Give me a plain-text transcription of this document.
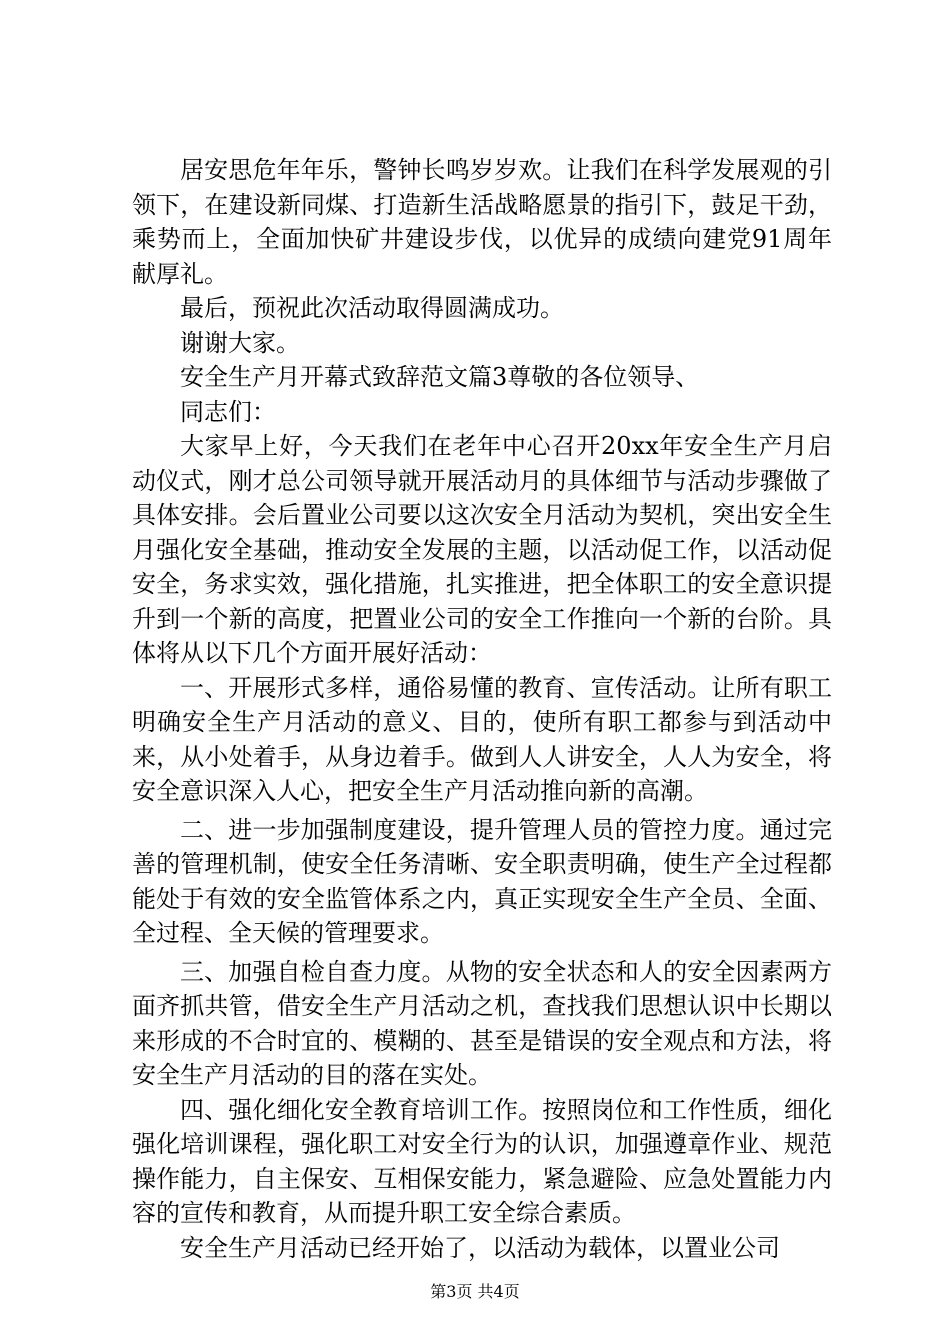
居安思危年年乐，警钟长鸣岁岁欢。让我们在科学发展观的引领下，在建设新同煤、打造新生活战略愿景的指引下，鼓足干劲，乘势而上，全面加快矿井建设步伐，以优异的成绩向建党91周年献厚礼。

最后，预祝此次活动取得圆满成功。

谢谢大家。

安全生产月开幕式致辞范文篇3尊敬的各位领导、

同志们：

大家早上好，今天我们在老年中心召开20xx年安全生产月启动仪式，刚才总公司领导就开展活动月的具体细节与活动步骤做了具体安排。会后置业公司要以这次安全月活动为契机，突出安全生月强化安全基础，推动安全发展的主题，以活动促工作，以活动促安全，务求实效，强化措施，扎实推进，把全体职工的安全意识提升到一个新的高度，把置业公司的安全工作推向一个新的台阶。具体将从以下几个方面开展好活动：

一、开展形式多样，通俗易懂的教育、宣传活动。让所有职工明确安全生产月活动的意义、目的，使所有职工都参与到活动中来，从小处着手，从身边着手。做到人人讲安全，人人为安全，将安全意识深入人心，把安全生产月活动推向新的高潮。

二、进一步加强制度建设，提升管理人员的管控力度。通过完善的管理机制，使安全任务清晰、安全职责明确，使生产全过程都能处于有效的安全监管体系之内，真正实现安全生产全员、全面、全过程、全天候的管理要求。

三、加强自检自查力度。从物的安全状态和人的安全因素两方面齐抓共管，借安全生产月活动之机，查找我们思想认识中长期以来形成的不合时宜的、模糊的、甚至是错误的安全观点和方法，将安全生产月活动的目的落在实处。

四、强化细化安全教育培训工作。按照岗位和工作性质，细化强化培训课程，强化职工对安全行为的认识，加强遵章作业、规范操作能力，自主保安、互相保安能力，紧急避险、应急处置能力内容的宣传和教育，从而提升职工安全综合素质。

安全生产月活动已经开始了，以活动为载体，以置业公司

第3页 共4页
